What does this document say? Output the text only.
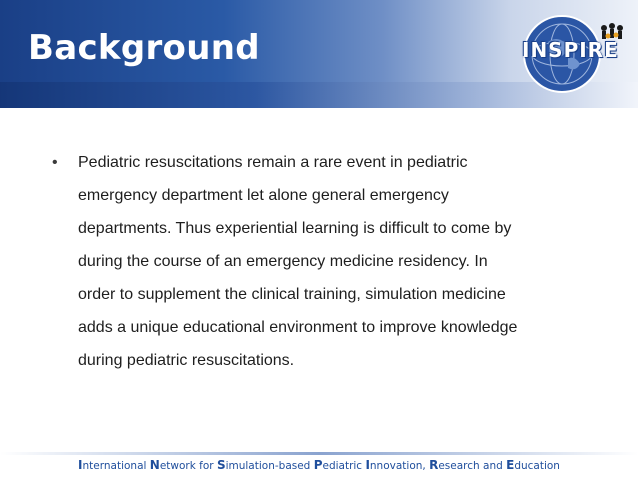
Background	INSPIRE
• Pediatric resuscitations remain a rare event in pediatric
emergency department let alone general emergency
departments. Thus experiential learning is difficult to come by
during the course of an emergency medicine residency. In
order to supplement the clinical training, simulation medicine
adds a unique educational environment to improve knowledge
during pediatric resuscitations.
International Network for Simulation-based Pediatric Innovation, Research and Education
